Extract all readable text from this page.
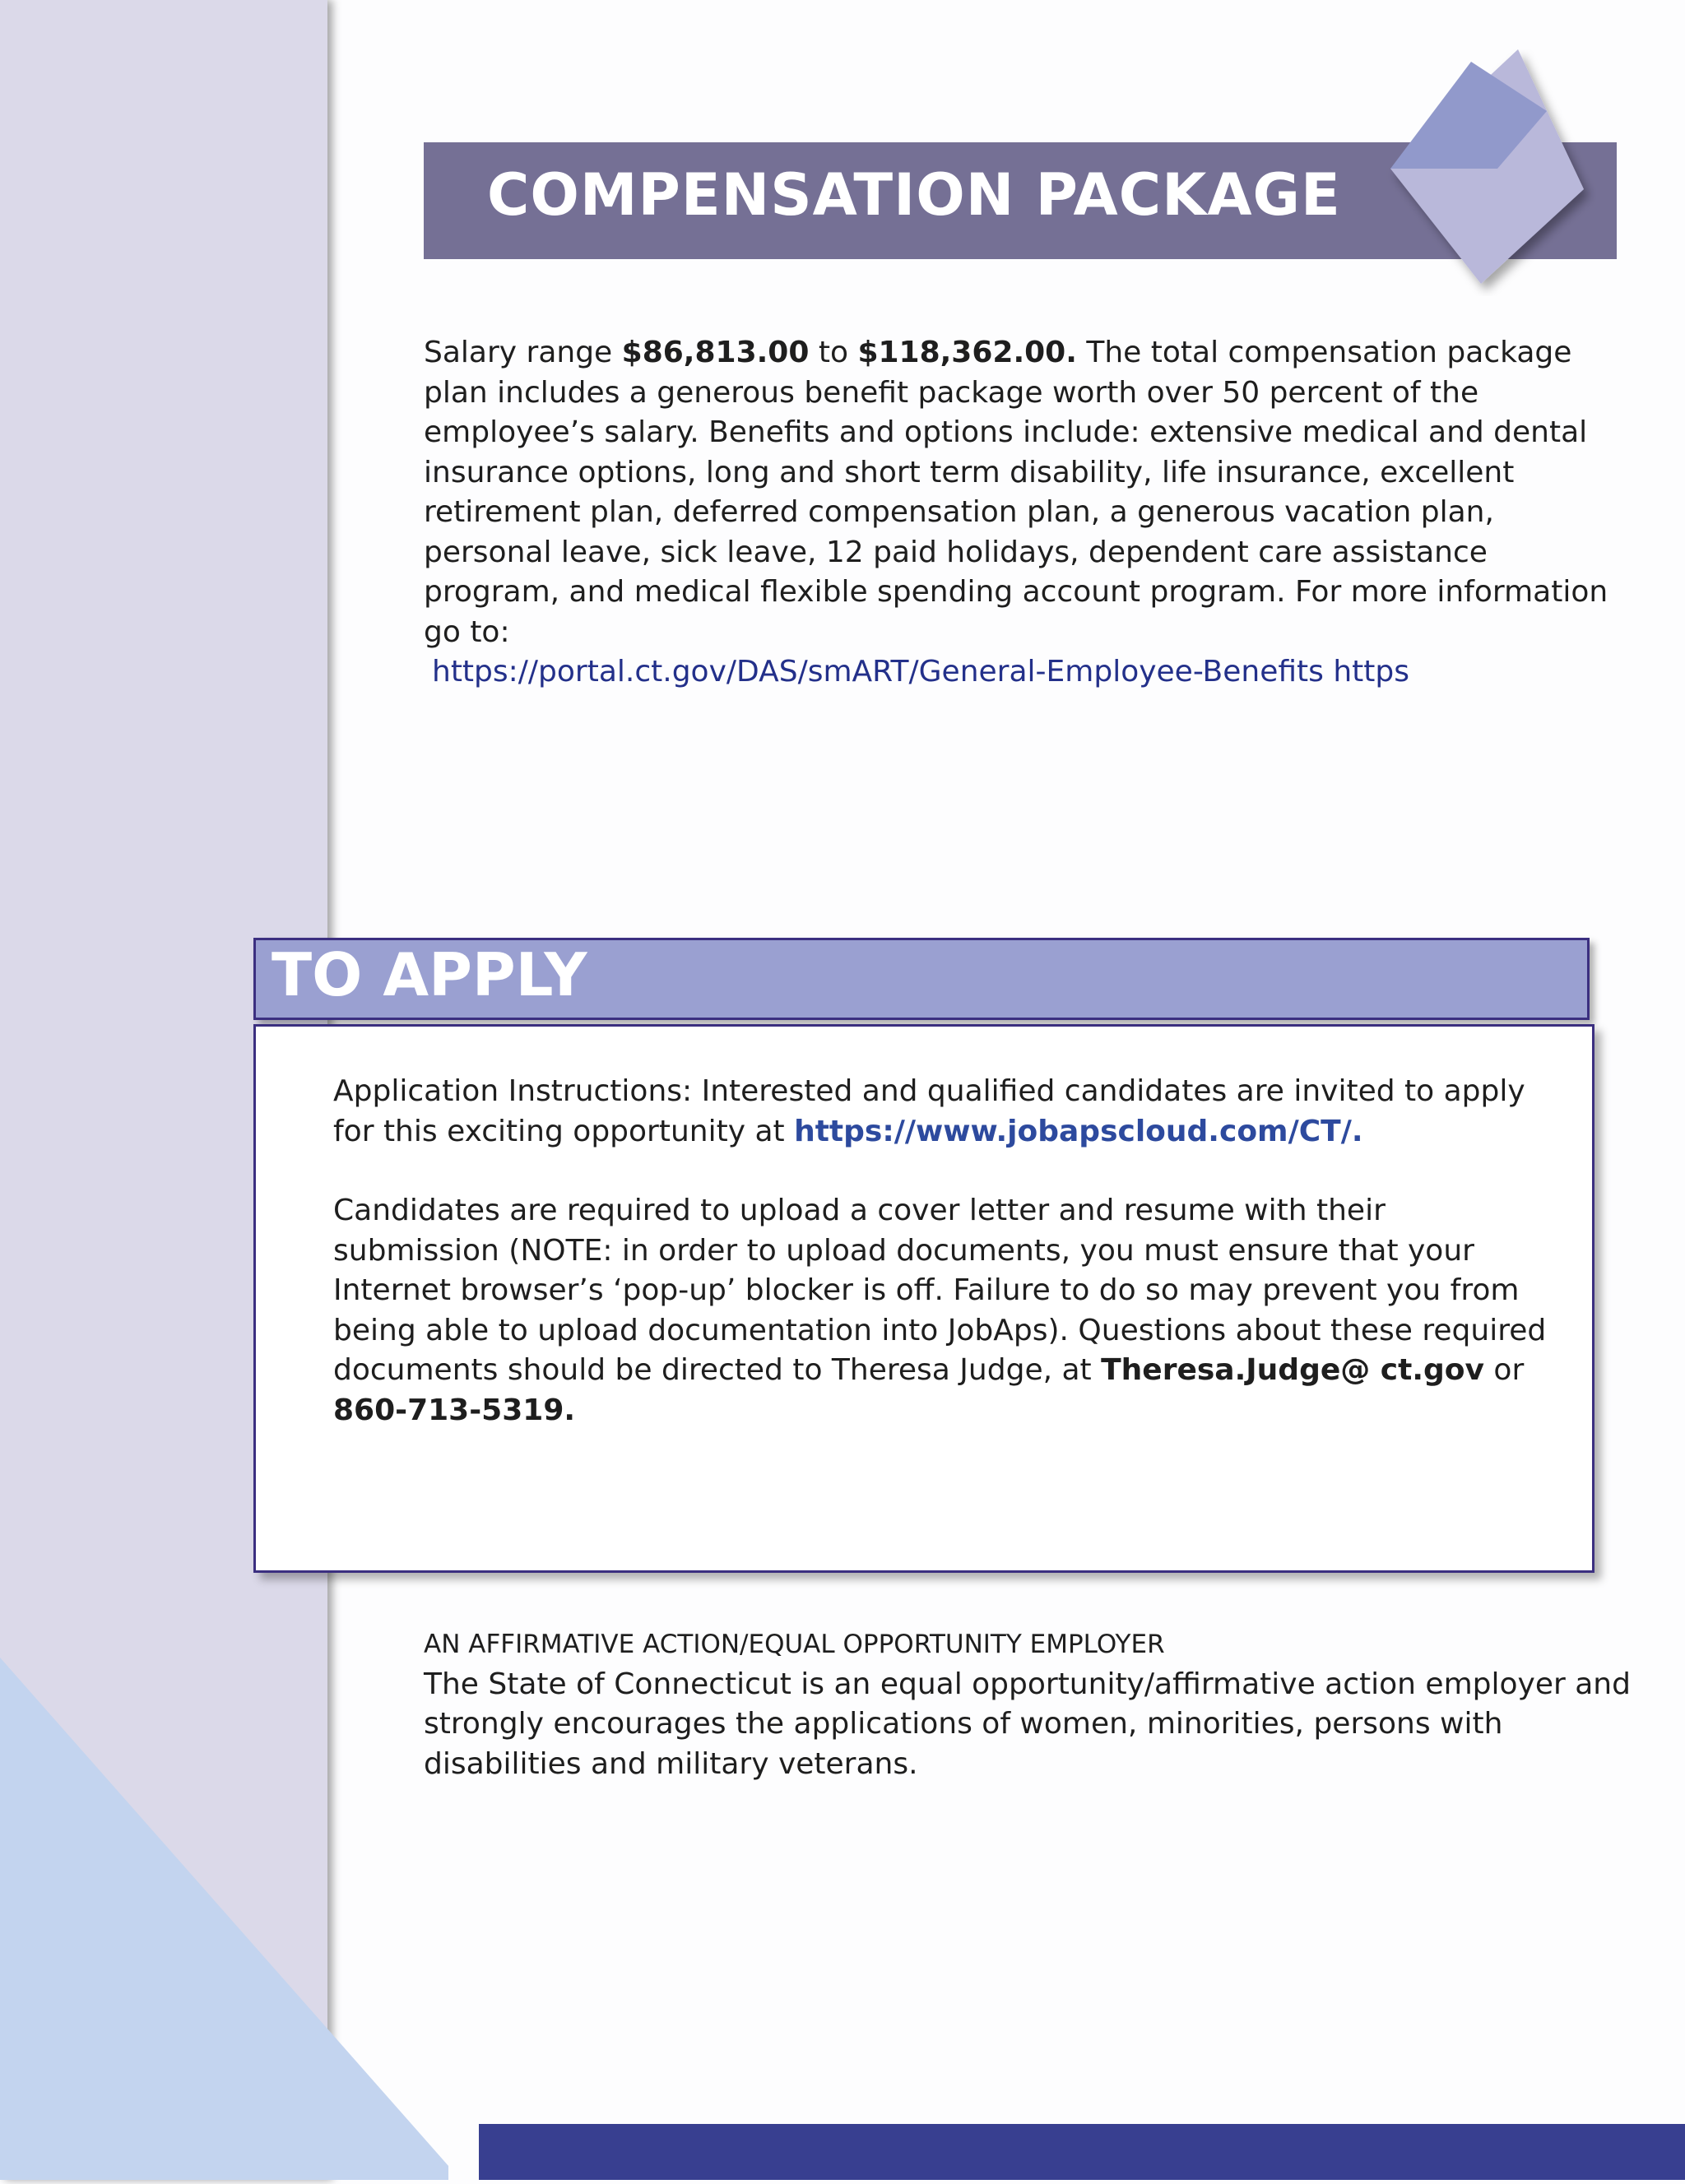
COMPENSATION PACKAGE
Salary range $86,813.00 to $118,362.00. The total compensation package plan includes a generous benefit package worth over 50 percent of the employee’s salary. Benefits and options include: extensive medical and dental insurance options, long and short term disability, life insurance, excellent retirement plan, deferred compensation plan, a generous vacation plan, personal leave, sick leave, 12 paid holidays, dependent care assistance program, and medical flexible spending account program. For more information go to:
https://portal.ct.gov/DAS/smART/General-Employee-Benefits https
TO APPLY

Application Instructions: Interested and qualified candidates are invited to apply for this exciting opportunity at https://www.jobapscloud.com/CT/.

Candidates are required to upload a cover letter and resume with their submission (NOTE: in order to upload documents, you must ensure that your Internet browser’s ‘pop-up’ blocker is off. Failure to do so may prevent you from being able to upload documentation into JobAps). Questions about these required documents should be directed to Theresa Judge, at Theresa.Judge@ ct.gov or 860-713-5319.

AN AFFIRMATIVE ACTION/EQUAL OPPORTUNITY EMPLOYER
The State of Connecticut is an equal opportunity/affirmative action employer and strongly encourages the applications of women, minorities, persons with disabilities and military veterans.
